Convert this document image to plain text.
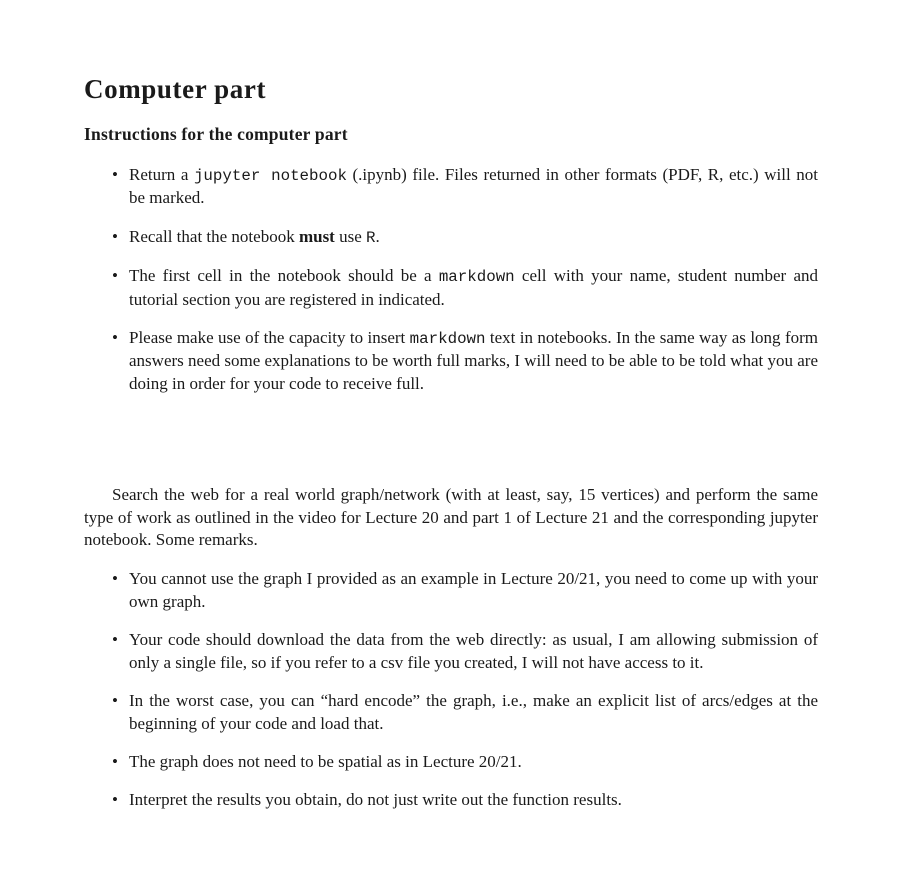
Computer part
Instructions for the computer part
• Return a jupyter notebook (.ipynb) file. Files returned in other formats (PDF, R, etc.) will not be marked.
• Recall that the notebook must use R.
• The first cell in the notebook should be a markdown cell with your name, student number and tutorial section you are registered in indicated.
• Please make use of the capacity to insert markdown text in notebooks. In the same way as long form answers need some explanations to be worth full marks, I will need to be able to be told what you are doing in order for your code to receive full.

Search the web for a real world graph/network (with at least, say, 15 vertices) and perform the same type of work as outlined in the video for Lecture 20 and part 1 of Lecture 21 and the corresponding jupyter notebook. Some remarks.

• You cannot use the graph I provided as an example in Lecture 20/21, you need to come up with your own graph.
• Your code should download the data from the web directly: as usual, I am allowing submission of only a single file, so if you refer to a csv file you created, I will not have access to it.
• In the worst case, you can “hard encode” the graph, i.e., make an explicit list of arcs/edges at the beginning of your code and load that.
• The graph does not need to be spatial as in Lecture 20/21.
• Interpret the results you obtain, do not just write out the function results.
